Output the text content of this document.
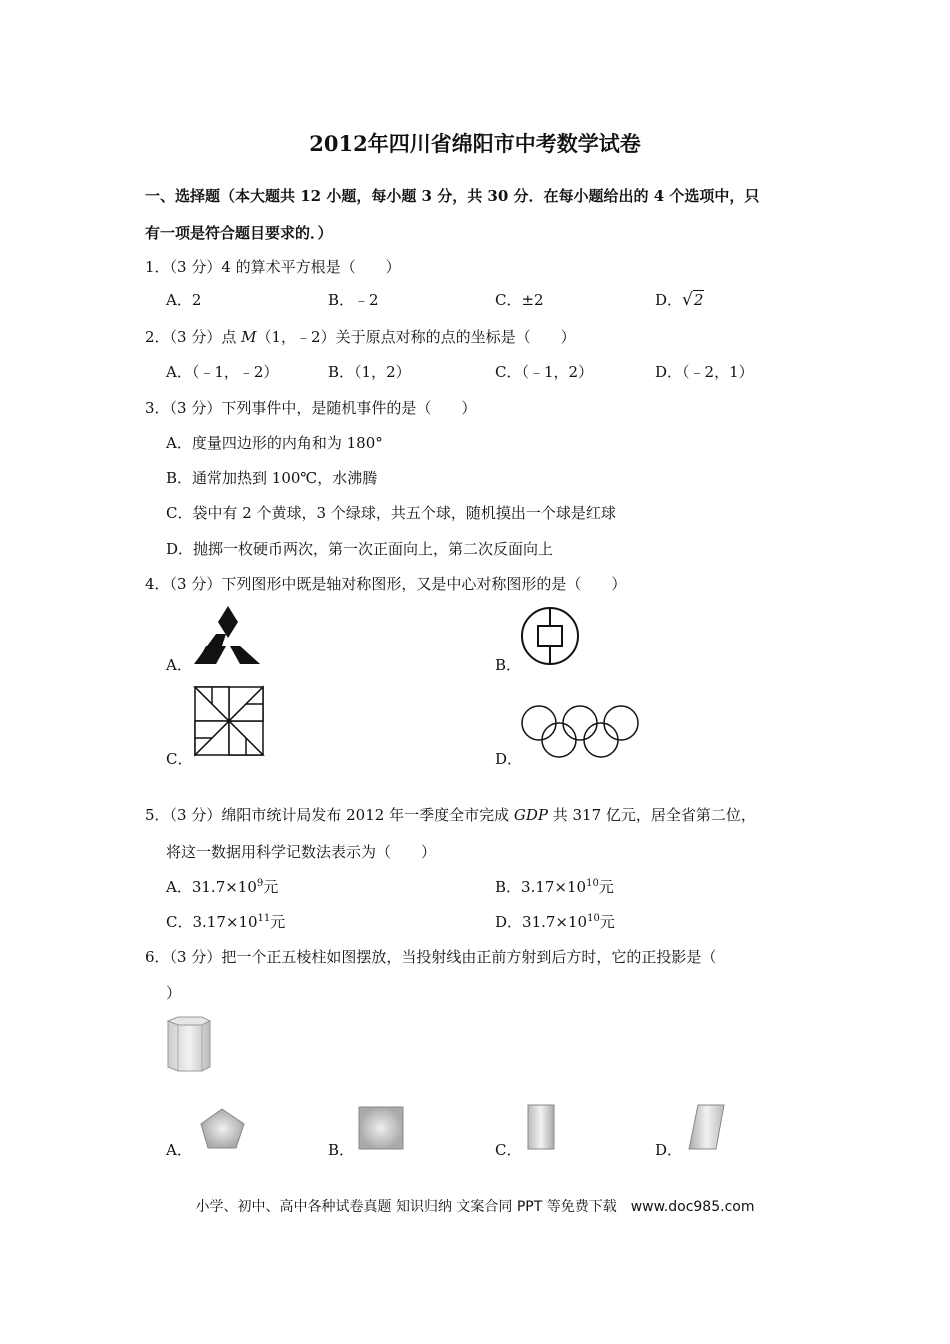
2012年四川省绵阳市中考数学试卷
一、选择题（本大题共 12 小题，每小题 3 分，共 30 分．在每小题给出的 4 个选项中，只
有一项是符合题目要求的．）
1．（3 分）4 的算术平方根是（　　）
A．2	B．﹣2	C．±2	D．√2
2．（3 分）点 M（1，﹣2）关于原点对称的点的坐标是（　　）
A．（﹣1，﹣2）	B．（1，2）	C．（﹣1，2）	D．（﹣2，1）
3．（3 分）下列事件中，是随机事件的是（　　）
A．度量四边形的内角和为 180°
B．通常加热到 100℃，水沸腾
C．袋中有 2 个黄球，3 个绿球，共五个球，随机摸出一个球是红球
D．抛掷一枚硬币两次，第一次正面向上，第二次反面向上
4．（3 分）下列图形中既是轴对称图形，又是中心对称图形的是（　　）
A．	B．
C．	D．
5．（3 分）绵阳市统计局发布 2012 年一季度全市完成 GDP 共 317 亿元，居全省第二位，
将这一数据用科学记数法表示为（　　）
A．$31.7\times 10^9$元	B．$3.17\times 10^{10}$元
C．$3.17\times 10^{11}$元	D．$31.7\times 10^{10}$元
6．（3 分）把一个正五棱柱如图摆放，当投射线由正前方射到后方时，它的正投影是（
）
A．	B．	C．	D．
小学、初中、高中各种试卷真题 知识归纳 文案合同 PPT 等免费下载　www.doc985.com
